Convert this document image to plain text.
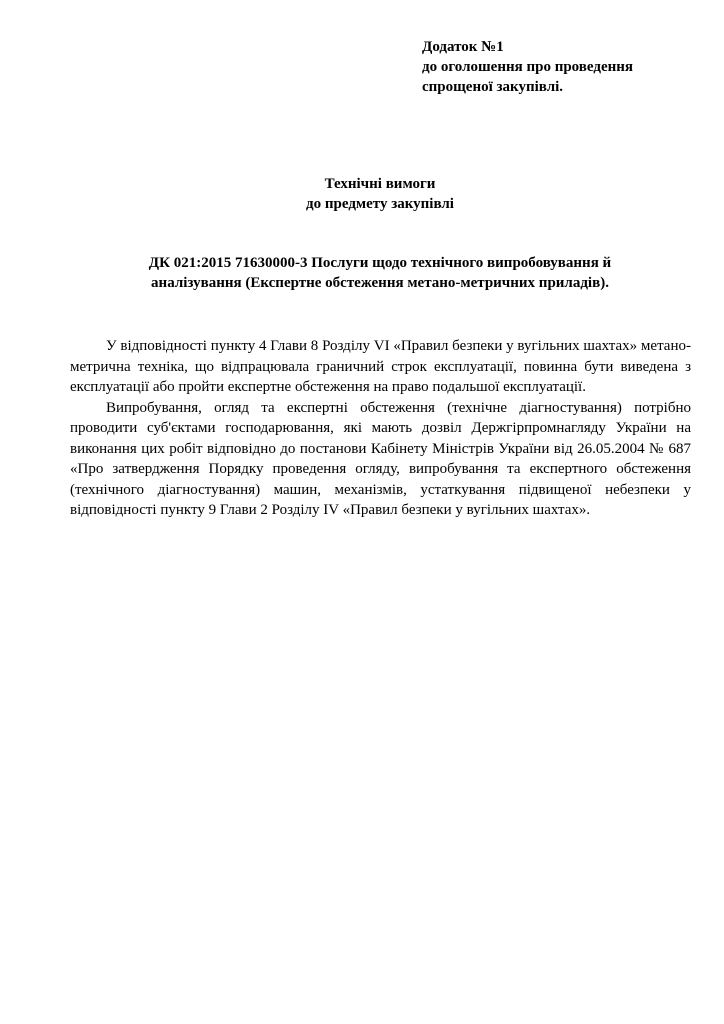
Додаток №1
до оголошення про проведення
спрощеної закупівлі.
Технічні вимоги
до предмету закупівлі
ДК 021:2015 71630000-3 Послуги щодо технічного випробовування й
аналізування (Експертне обстеження метано-метричних приладів).

У відповідності пункту 4 Глави 8 Розділу VI «Правил безпеки у вугільних шахтах» метано-метрична техніка, що відпрацювала граничний строк експлуатації, повинна бути виведена з експлуатації або пройти експертне обстеження на право подальшої експлуатації.

Випробування, огляд та експертні обстеження (технічне діагностування) потрібно проводити суб'єктами господарювання, які мають дозвіл Держгірпромнагляду України на виконання цих робіт відповідно до постанови Кабінету Міністрів України від 26.05.2004 № 687 «Про затвердження Порядку проведення огляду, випробування та експертного обстеження (технічного діагностування) машин, механізмів, устаткування підвищеної небезпеки у відповідності пункту 9 Глави 2 Розділу IV «Правил безпеки у вугільних шахтах».
